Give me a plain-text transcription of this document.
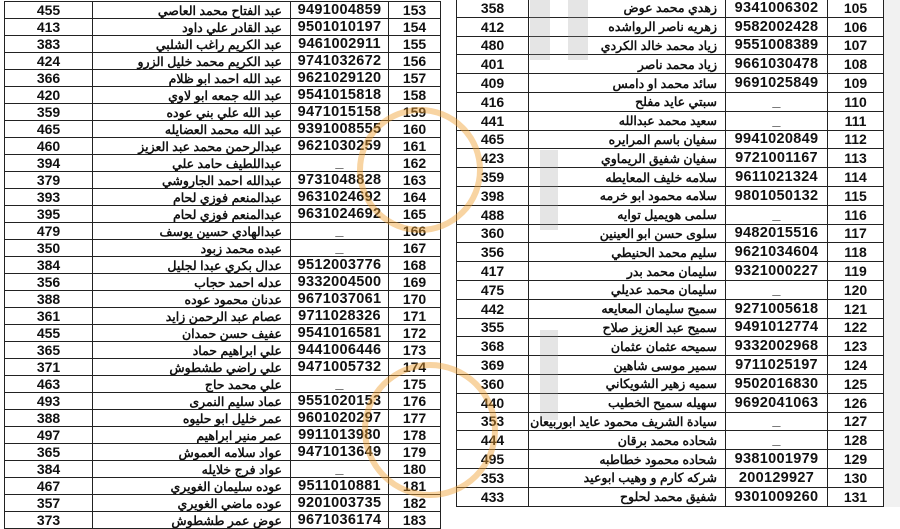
455	عبد الفتاح محمد العاصي	9491004859	153
413	عبد القادر علي داود	9501010197	154
383	عبد الكريم راغب الشلبي	9461002911	155
424	عبد الكريم محمد خليل الزرو	9741032672	156
366	عبد الله احمد ابو ظلام	9621029120	157
420	عبد الله جمعه ابو لاوي	9541015818	158
359	عبد الله علي بني عوده	9471015158	159
465	عبد الله محمد العضايله	9391008555	160
460	عبدالرحمن محمد عبد العزيز	9621030259	161
394	عبداللطيف حامد علي	_	162
379	عبدالله احمد الجاروشي	9731048828	163
393	عبدالمنعم فوزي لحام	9631024692	164
395	عبدالمنعم فوزي لحام	9631024692	165
479	عبدالهادي حسين يوسف	_	166
350	عبده محمد زبود	_	167
384	عدال بكري عبدا لجليل	9512003776	168
356	عدله احمد حجاب	9332004500	169
388	عدنان محمود عوده	9671037061	170
361	عصام عبد الرحمن زايد	9711028326	171
455	عفيف حسن حمدان	9541016581	172
365	علي ابراهيم حماد	9441006446	173
371	علي راضي طشطوش	9471005732	174
463	علي محمد حاج	_	175
493	عماد سليم النمرى	9551020153	176
388	عمر خليل ابو حليوه	9601020297	177
497	عمر منير ابراهيم	9911013980	178
365	عواد سلامه العموش	9471013649	179
384	عواد فرج خلايله	_	180
467	عوده سليمان الغويري	9511010881	181
357	عوده ماضي الغويري	9201003735	182
373	عوض عمر طشطوش	9671036174	183
358	زهدي محمد عوض	9341006302	105
412	زهريه ناصر الرواشده	9582002428	106
480	زياد محمد خالد الكردي	9551008389	107
401	زياد محمد ناصر	9661030478	108
409	سائد محمد او دامس	9691025849	109
416	سبتي عايد مفلح	_	110
441	سعيد محمد عبدالله	_	111
465	سفيان باسم المرايره	9941020849	112
423	سفيان شفيق الريماوي	9721001167	113
359	سلامه خليف المعايطه	9611021324	114
398	سلامه محمود ابو خرمه	9801050132	115
488	سلمى هويميل توايه	_	116
360	سلوى حسن ابو العينين	9482015516	117
356	سليم محمد الحنيطي	9621034604	118
417	سليمان محمد بدر	9321000227	119
475	سليمان محمد عديلي	_	120
442	سميح سليمان المعايعه	9271005618	121
355	سميح عبد العزيز صلاح	9491012774	122
368	سميحه عثمان عثمان	9332002968	123
369	سمير موسى شاهين	9711025197	124
360	سميه زهير الشويكاني	9502016830	125
440	سهيله سميح الخطيب	9692041063	126
353	سيادة الشريف محمود عايد ابوربيعان	_	127
444	شحاده محمد برقان	_	128
495	شحاده محمود خطاطبه	9381001979	129
353	شركه كارم و وهيب ابوعيد	200129927	130
433	شفيق محمد لحلوح	9301009260	131
